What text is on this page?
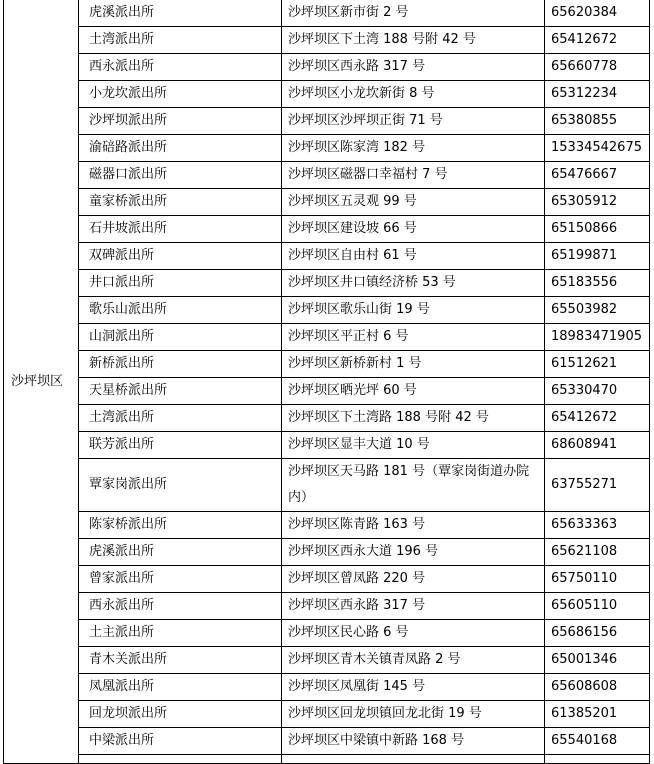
沙坪坝区	虎溪派出所	沙坪坝区新市街 2 号	65620384
	土湾派出所	沙坪坝区下土湾 188 号附 42 号	65412672
	西永派出所	沙坪坝区西永路 317 号	65660778
	小龙坎派出所	沙坪坝区小龙坎新街 8 号	65312234
	沙坪坝派出所	沙坪坝区沙坪坝正街 71 号	65380855
	渝碚路派出所	沙坪坝区陈家湾 182 号	15334542675
	磁器口派出所	沙坪坝区磁器口幸福村 7 号	65476667
	童家桥派出所	沙坪坝区五灵观 99 号	65305912
	石井坡派出所	沙坪坝区建设坡 66 号	65150866
	双碑派出所	沙坪坝区自由村 61 号	65199871
	井口派出所	沙坪坝区井口镇经济桥 53 号	65183556
	歌乐山派出所	沙坪坝区歌乐山街 19 号	65503982
	山洞派出所	沙坪坝区平正村 6 号	18983471905
	新桥派出所	沙坪坝区新桥新村 1 号	61512621
	天星桥派出所	沙坪坝区晒光坪 60 号	65330470
	土湾派出所	沙坪坝区下土湾路 188 号附 42 号	65412672
	联芳派出所	沙坪坝区显丰大道 10 号	68608941
	覃家岗派出所	沙坪坝区天马路 181 号（覃家岗街道办院内）	63755271
	陈家桥派出所	沙坪坝区陈青路 163 号	65633363
	虎溪派出所	沙坪坝区西永大道 196 号	65621108
	曾家派出所	沙坪坝区曾凤路 220 号	65750110
	西永派出所	沙坪坝区西永路 317 号	65605110
	土主派出所	沙坪坝区民心路 6 号	65686156
	青木关派出所	沙坪坝区青木关镇青凤路 2 号	65001346
	凤凰派出所	沙坪坝区凤凰街 145 号	65608608
	回龙坝派出所	沙坪坝区回龙坝镇回龙北街 19 号	61385201
	中梁派出所	沙坪坝区中梁镇中新路 168 号	65540168
